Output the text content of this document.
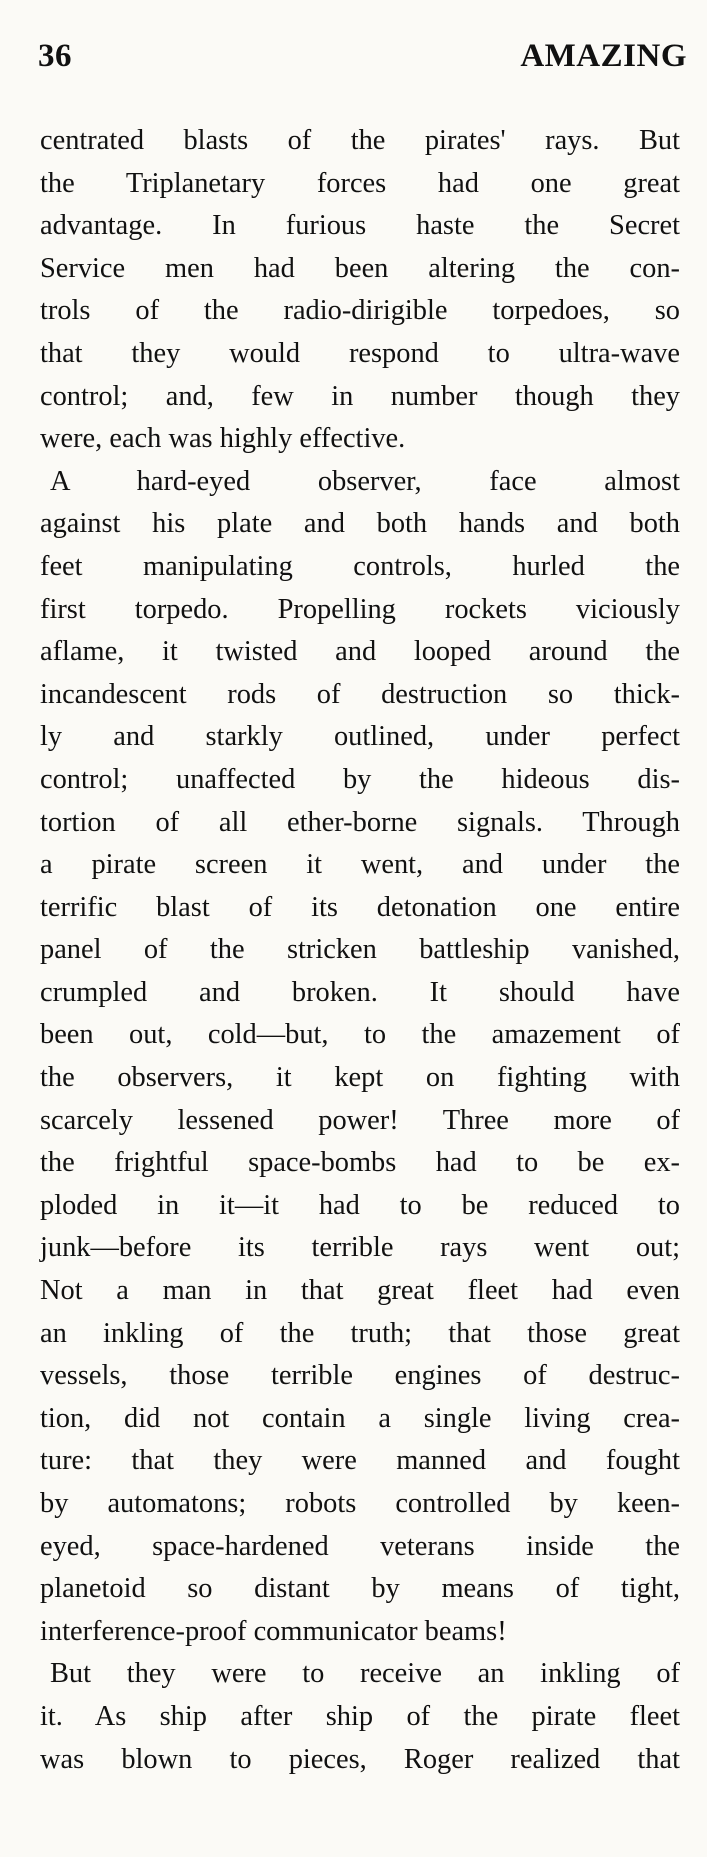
36	AMAZING
centrated blasts of the pirates' rays. But
the Triplanetary forces had one great
advantage. In furious haste the Secret
Service men had been altering the con-
trols of the radio-dirigible torpedoes, so
that they would respond to ultra-wave
control; and, few in number though they
were, each was highly effective.
A hard-eyed observer, face almost
against his plate and both hands and both
feet manipulating controls, hurled the
first torpedo. Propelling rockets viciously
aflame, it twisted and looped around the
incandescent rods of destruction so thick-
ly and starkly outlined, under perfect
control; unaffected by the hideous dis-
tortion of all ether-borne signals. Through
a pirate screen it went, and under the
terrific blast of its detonation one entire
panel of the stricken battleship vanished,
crumpled and broken. It should have
been out, cold—but, to the amazement of
the observers, it kept on fighting with
scarcely lessened power! Three more of
the frightful space-bombs had to be ex-
ploded in it—it had to be reduced to
junk—before its terrible rays went out;
Not a man in that great fleet had even
an inkling of the truth; that those great
vessels, those terrible engines of destruc-
tion, did not contain a single living crea-
ture: that they were manned and fought
by automatons; robots controlled by keen-
eyed, space-hardened veterans inside the
planetoid so distant by means of tight,
interference-proof communicator beams!
But they were to receive an inkling of
it. As ship after ship of the pirate fleet
was blown to pieces, Roger realized that
